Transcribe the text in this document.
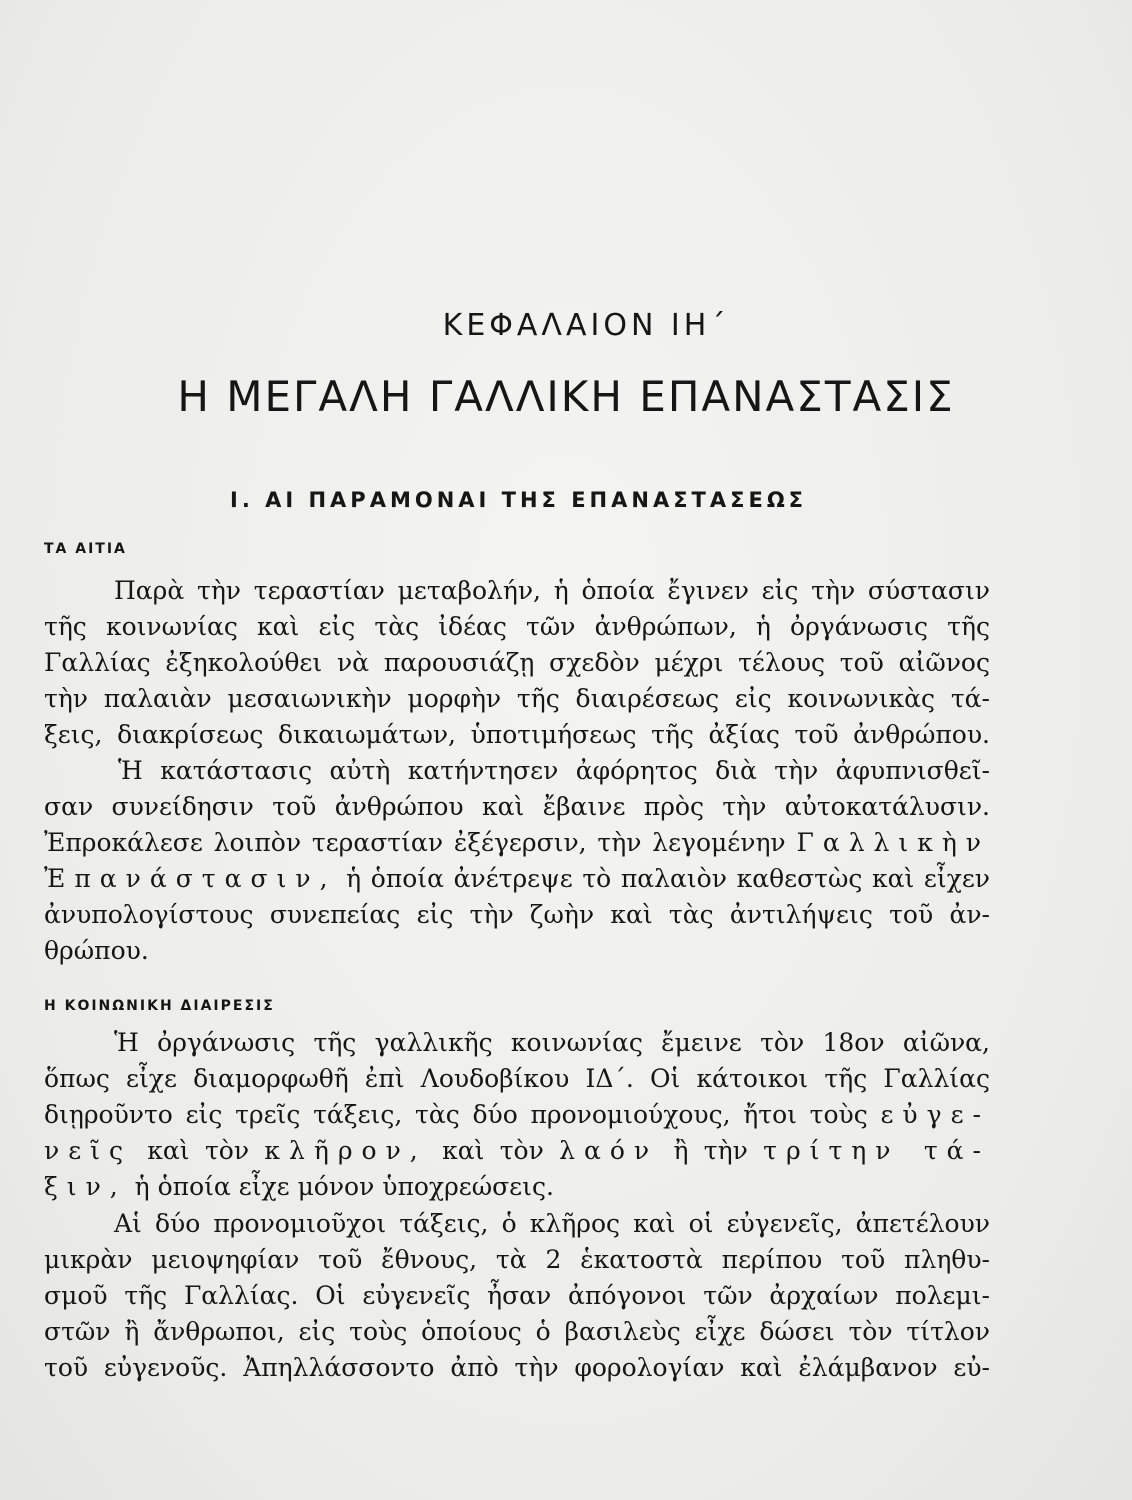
ΚΕΦΑΛΑΙΟΝ ΙΗ΄
Η ΜΕΓΑΛΗ ΓΑΛΛΙΚΗ ΕΠΑΝΑΣΤΑΣΙΣ
Ι. ΑΙ ΠΑΡΑΜΟΝΑΙ ΤΗΣ ΕΠΑΝΑΣΤΑΣΕΩΣ
ΤΑ ΑΙΤΙΑ
Παρὰ τὴν τεραστίαν μεταβολήν, ἡ ὁποία ἔγινεν εἰς τὴν σύστασιν
τῆς κοινωνίας καὶ εἰς τὰς ἰδέας τῶν ἀνθρώπων, ἡ ὀργάνωσις τῆς
Γαλλίας ἐξηκολούθει νὰ παρουσιάζῃ σχεδὸν μέχρι τέλους τοῦ αἰῶνος
τὴν παλαιὰν μεσαιωνικὴν μορφὴν τῆς διαιρέσεως εἰς κοινωνικὰς τά-
ξεις, διακρίσεως δικαιωμάτων, ὑποτιμήσεως τῆς ἀξίας τοῦ ἀνθρώπου.
Ἡ κατάστασις αὐτὴ κατήντησεν ἀφόρητος διὰ τὴν ἀφυπνισθεῖ-
σαν συνείδησιν τοῦ ἀνθρώπου καὶ ἔβαινε πρὸς τὴν αὐτοκατάλυσιν.
Ἐπροκάλεσε λοιπὸν τεραστίαν ἐξέγερσιν, τὴν λεγομένην Γαλλικὴν
Ἐπανάστασιν, ἡ ὁποία ἀνέτρεψε τὸ παλαιὸν καθεστὼς καὶ εἶχεν
ἀνυπολογίστους συνεπείας εἰς τὴν ζωὴν καὶ τὰς ἀντιλήψεις τοῦ ἀν-
θρώπου.
Η ΚΟΙΝΩΝΙΚΗ ΔΙΑΙΡΕΣΙΣ
Ἡ ὀργάνωσις τῆς γαλλικῆς κοινωνίας ἔμεινε τὸν 18ον αἰῶνα,
ὅπως εἶχε διαμορφωθῆ ἐπὶ Λουδοβίκου ΙΔ΄. Οἱ κάτοικοι τῆς Γαλλίας
διῃροῦντο εἰς τρεῖς τάξεις, τὰς δύο προνομιούχους, ἤτοι τοὺς εὐγε-
νεῖς καὶ τὸν κλῆρον, καὶ τὸν λαόν ἢ τὴν τρίτην τά-
ξιν, ἡ ὁποία εἶχε μόνον ὑποχρεώσεις.
Αἱ δύο προνομιοῦχοι τάξεις, ὁ κλῆρος καὶ οἱ εὐγενεῖς, ἀπετέλουν
μικρὰν μειοψηφίαν τοῦ ἔθνους, τὰ 2 ἑκατοστὰ περίπου τοῦ πληθυ-
σμοῦ τῆς Γαλλίας. Οἱ εὐγενεῖς ἦσαν ἀπόγονοι τῶν ἀρχαίων πολεμι-
στῶν ἢ ἄνθρωποι, εἰς τοὺς ὁποίους ὁ βασιλεὺς εἶχε δώσει τὸν τίτλον
τοῦ εὐγενοῦς. Ἀπηλλάσσοντο ἀπὸ τὴν φορολογίαν καὶ ἐλάμβανον εὐ-
